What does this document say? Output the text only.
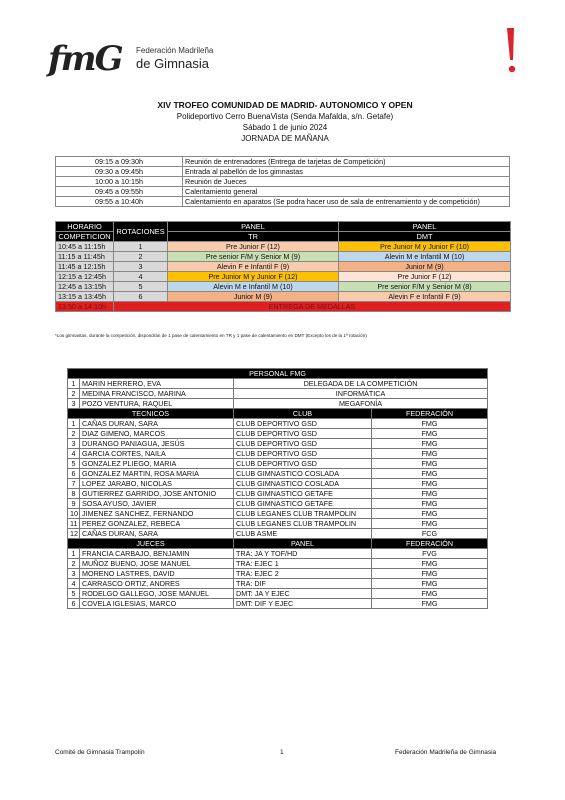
fmG Federación Madrileña
de Gimnasia
XIV TROFEO COMUNIDAD DE MADRID- AUTONOMICO Y OPEN
Polideportivo Cerro BuenaVista (Senda Mafalda, s/n. Getafe)
Sábado 1 de junio 2024
JORNADA DE MAÑANA
09:15 a 09:30h	Reunión de entrenadores (Entrega de tarjetas de Competición)
09:30 a 09:45h	Entrada al pabellón de los gimnastas
10:00 a 10:15h	Reunión de Jueces
09:45 a 09:55h	Calentamiento general
09:55 a 10:40h	Calentamiento en aparatos (Se podra hacer uso de sala de entrenamiento y de competición)
HORARIO	ROTACIONES	PANEL	PANEL
COMPETICION		TR	DMT
10:45 a 11:15h	1	Pre Junior F (12)	Pre Junior M y Junior F (10)
11:15 a 11:45h	2	Pre senior F/M y Senior M (9)	Alevin M e Infantil M (10)
11:45 a 12:15h	3	Alevin F e Infantil F (9)	Junior M (9)
12:15 a 12:45h	4	Pre Junior M y Junior F (12)	Pre Junior F (12)
12:45 a 13:15h	5	Alevin M e Infantil M (10)	Pre senior F/M y Senior M (8)
13:15 a 13:45h	6	Junior M (9)	Alevin F e Infantil F (9)
13:50 a 14:10h	ENTREGA DE MEDALLAS		
*Los gimnastas, durante la competición, dispondrán de 1 pase de calentamiento en TR y 1 pase de calentamiento en DMT (Excepto los de la 1ª rotación)
PERSONAL FMG			
1	MARIN HERRERO, EVA	DELEGADA DE LA COMPETICIÓN	
2	MEDINA FRANCISCO, MARINA	INFORMÁTICA	
3	POZO VENTURA, RAQUEL	MEGAFONÍA	
TECNICOS		CLUB	FEDERACIÓN
1	CAÑAS DURAN, SARA	CLUB DEPORTIVO GSD	FMG
2	DIAZ GIMENO, MARCOS	CLUB DEPORTIVO GSD	FMG
3	DURANGO PANIAGUA, JESÚS	CLUB DEPORTIVO GSD	FMG
4	GARCIA CORTES, NAILA	CLUB DEPORTIVO GSD	FMG
5	GONZALEZ PLIEGO, MARIA	CLUB DEPORTIVO GSD	FMG
6	GONZALEZ MARTIN, ROSA MARIA	CLUB GIMNASTICO COSLADA	FMG
7	LOPEZ JARABO, NICOLAS	CLUB GIMNASTICO COSLADA	FMG
8	GUTIERREZ GARRIDO, JOSE ANTONIO	CLUB GIMNASTICO GETAFE	FMG
9	SOSA AYUSO, JAVIER	CLUB GIMNASTICO GETAFE	FMG
10	JIMENEZ SANCHEZ, FERNANDO	CLUB LEGANES CLUB TRAMPOLIN	FMG
11	PEREZ GONZALEZ, REBECA	CLUB LEGANES CLUB TRAMPOLIN	FMG
12	CAÑAS DURAN, SARA	CLUB ASME	FCG
JUECES		PANEL	FEDERACIÓN
1	FRANCIA CARBAJO, BENJAMIN	TRA: JA Y TOF/HD	FVG
2	MUÑOZ BUENO, JOSE MANUEL	TRA: EJEC 1	FMG
3	MORENO LASTRES, DAVID	TRA: EJEC 2	FMG
4	CARRASCO ORTIZ, ANDRES	TRA: DIF	FMG
5	RODELGO GALLEGO, JOSE MANUEL	DMT: JA Y EJEC	FMG
6	COVELA IGLESIAS, MARCO	DMT: DIF Y EJEC	FMG
Comité de Gimnasia Trampolín	1	Federación Madrileña de Gimnasia
